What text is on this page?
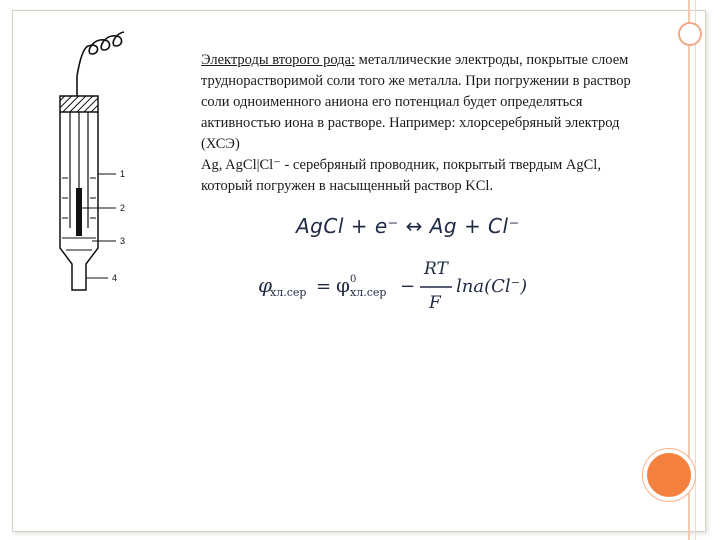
1
2
3
4

Электроды второго рода: металлические электроды, покрытые слоем труднорастворимой соли того же металла. При погружении в раствор соли одноименного аниона его потенциал будет определяться активностью иона в растворе. Например: хлорсеребряный электрод (ХСЭ)

Ag, AgCl|Cl⁻ - серебряный проводник, покрытый твердым AgCl, который погружен в насыщенный раствор KCl.

AgCl + e⁻ ↔ Ag + Cl⁻
φ
хл.сер = φ 0
хл.сер −
RT
F
lna(Cl⁻)
